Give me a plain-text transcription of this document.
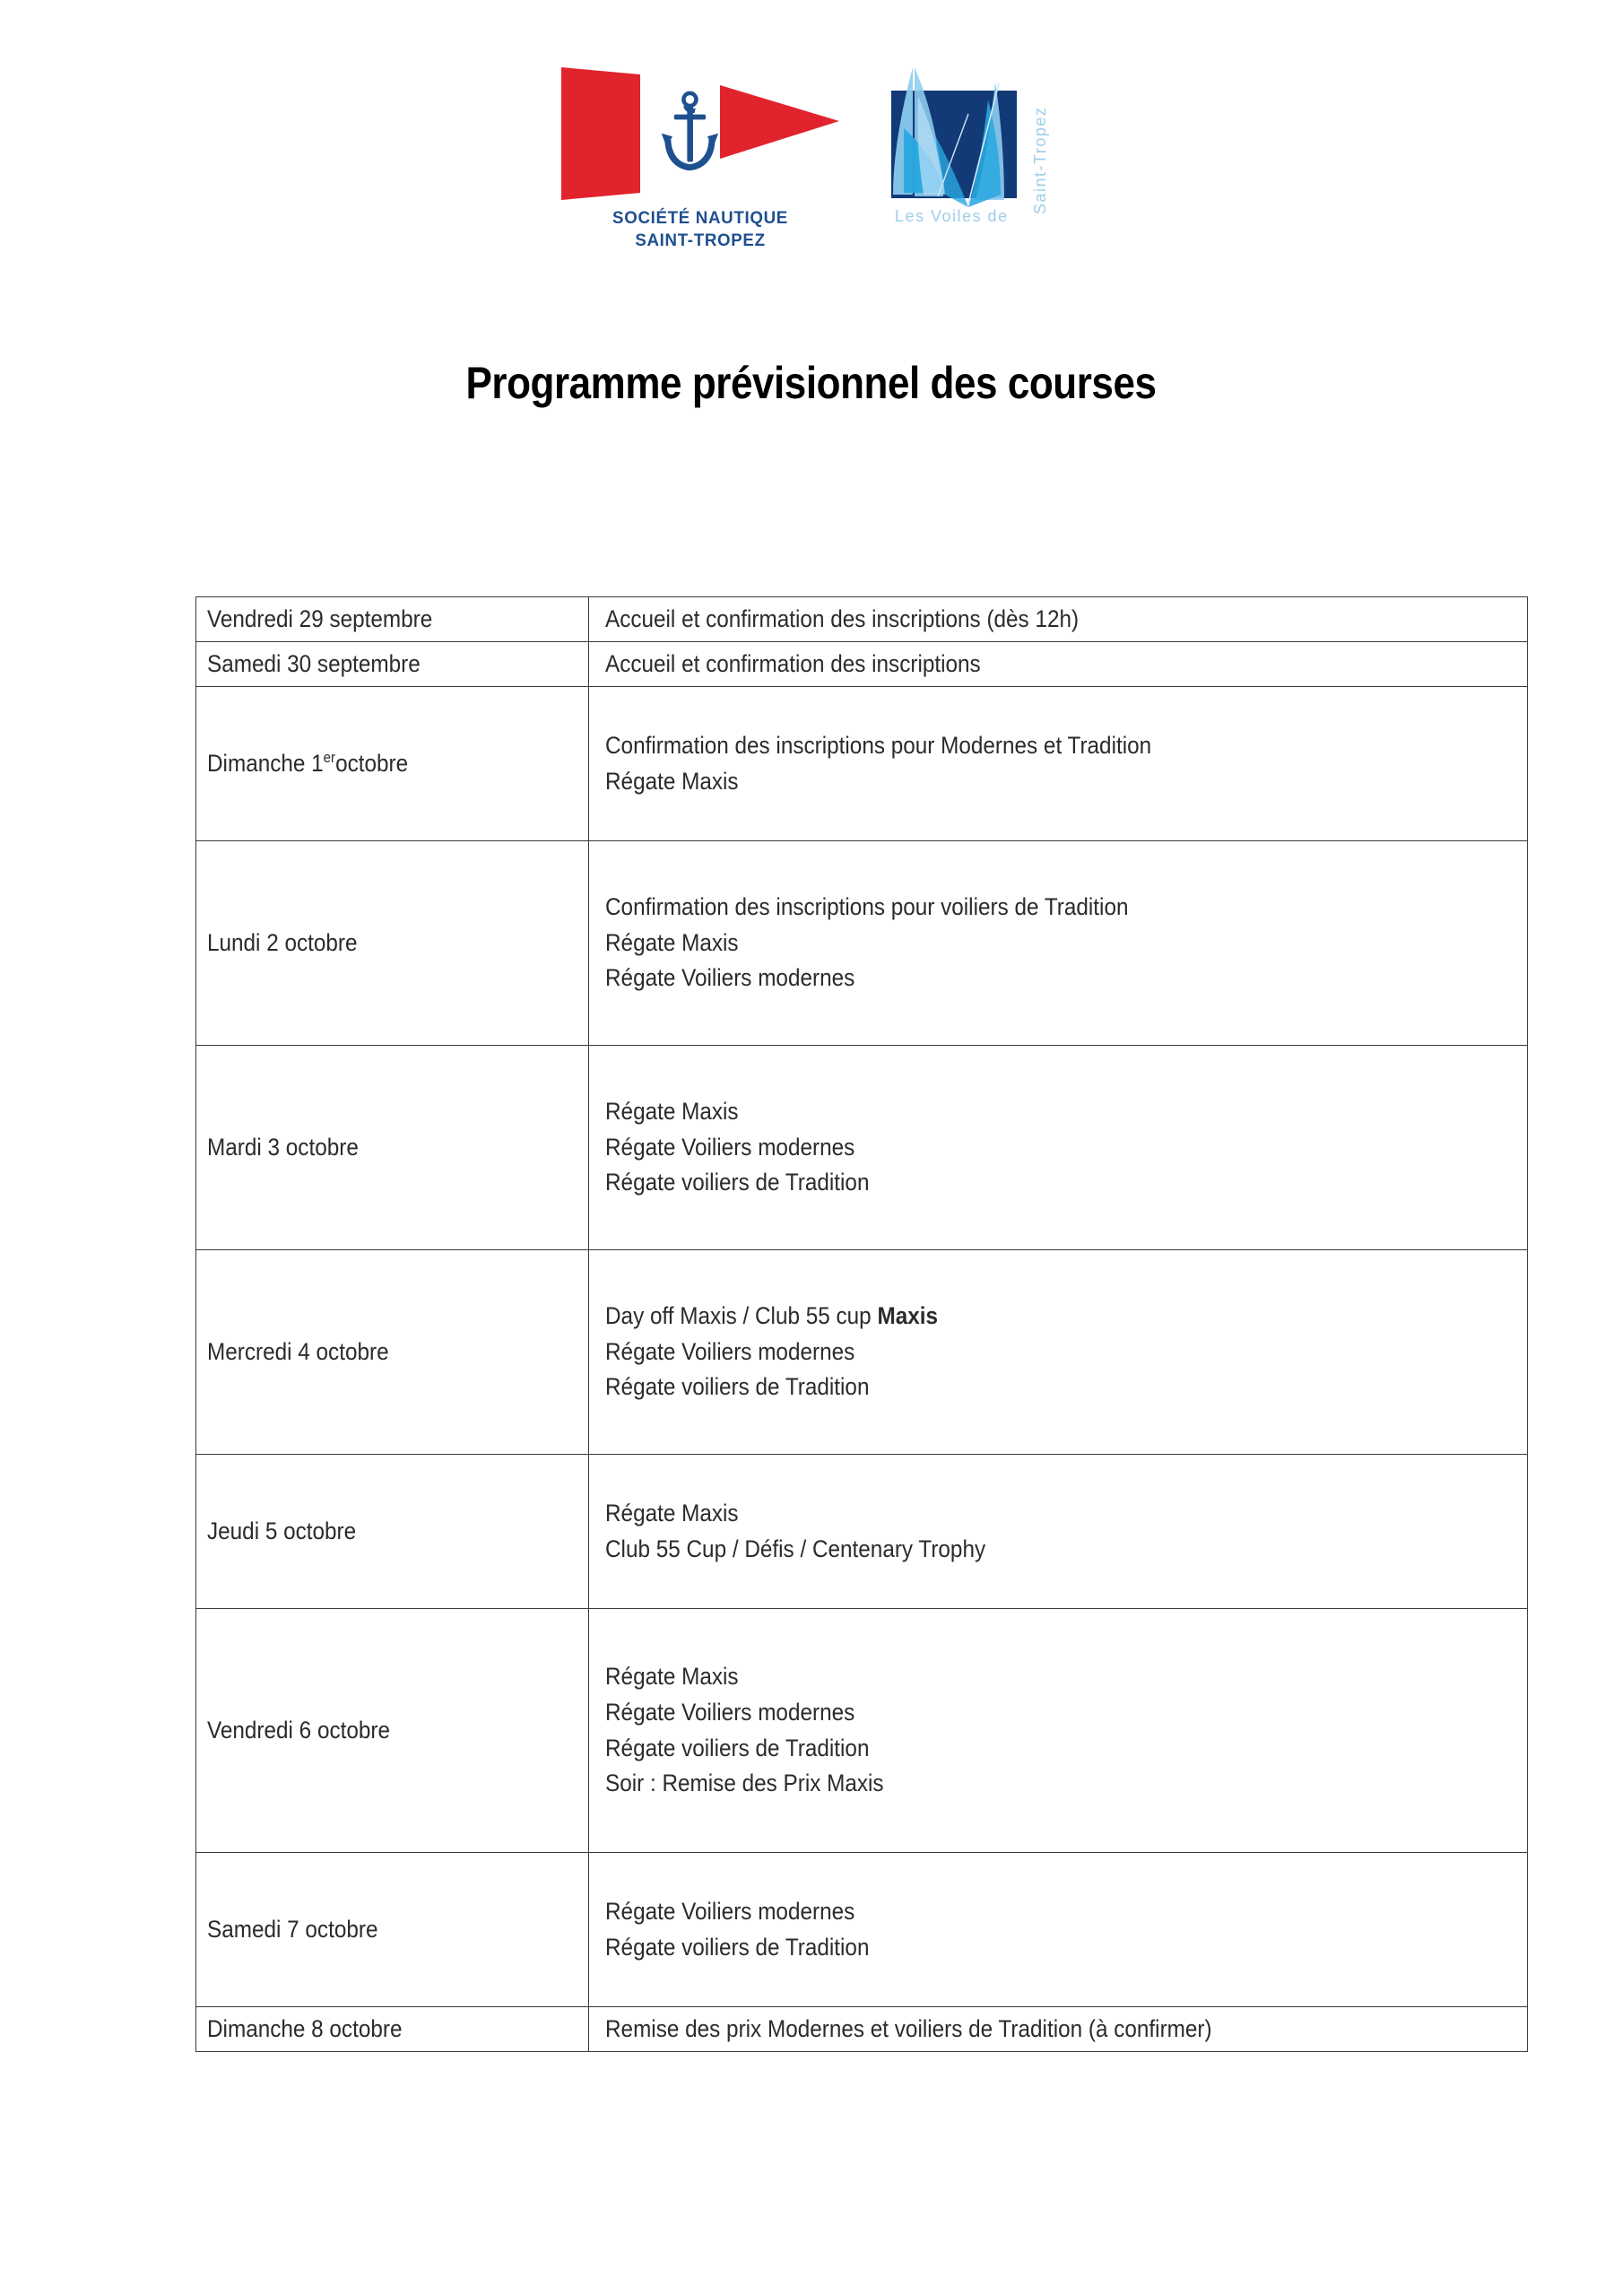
SOCIÉTÉ NAUTIQUE
SAINT-TROPEZ
Les Voiles de
Saint-Tropez
Programme prévisionnel des courses
Vendredi 29 septembre	Accueil et confirmation des inscriptions (dès 12h)

Samedi 30 septembre	Accueil et confirmation des inscriptions

Dimanche 1eroctobre	Confirmation des inscriptions pour Modernes et Tradition
Régate Maxis

Lundi 2 octobre	Confirmation des inscriptions pour voiliers de Tradition
Régate Maxis
Régate Voiliers modernes

Mardi 3 octobre	Régate Maxis
Régate Voiliers modernes
Régate voiliers de Tradition

Mercredi 4 octobre	Day off Maxis / Club 55 cup Maxis
Régate Voiliers modernes
Régate voiliers de Tradition

Jeudi 5 octobre	Régate Maxis
Club 55 Cup / Défis / Centenary Trophy

Vendredi 6 octobre	Régate Maxis
Régate Voiliers modernes
Régate voiliers de Tradition
Soir : Remise des Prix Maxis

Samedi 7 octobre	Régate Voiliers modernes
Régate voiliers de Tradition

Dimanche 8 octobre	Remise des prix Modernes et voiliers de Tradition (à confirmer)
